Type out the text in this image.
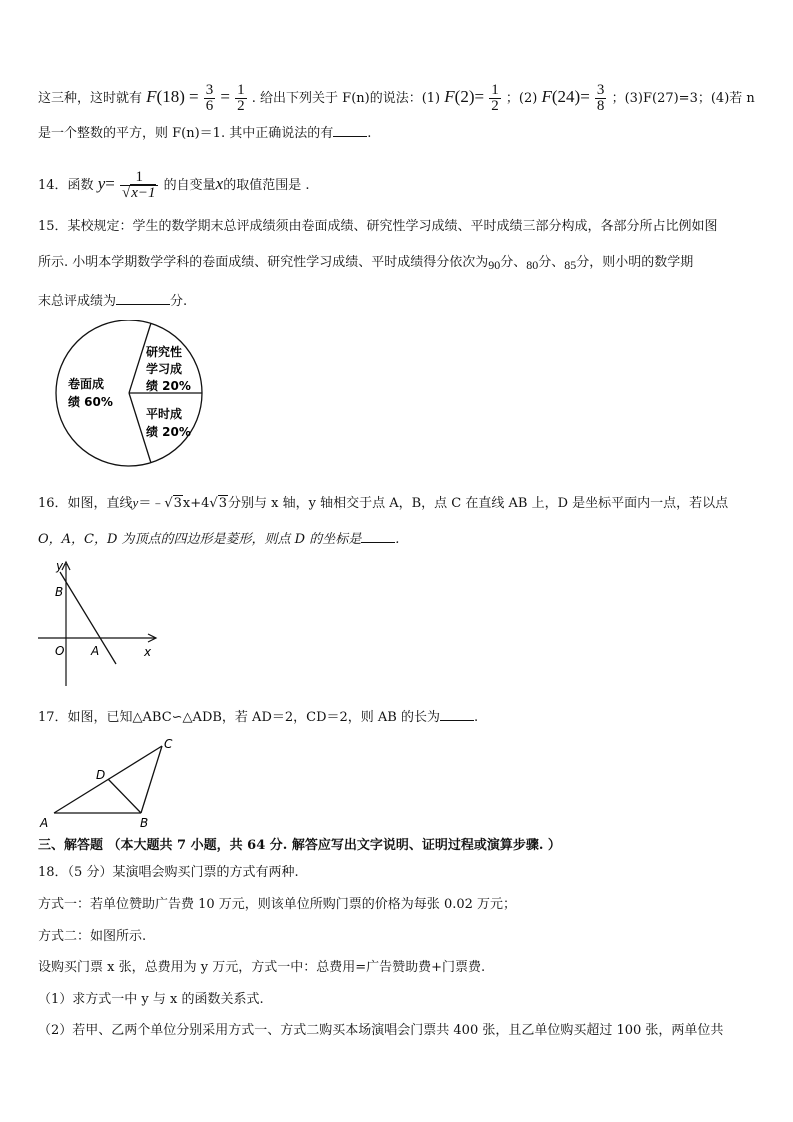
这三种，这时就有 $F(18) = \frac{3}{6} = \frac{1}{2}$ . 给出下列关于 F(n)的说法：(1) $F(2)= \frac{1}{2}$ ；(2) $F(24)= \frac{3}{8}$ ；(3)F(27)=3；(4)若 n
是一个整数的平方，则 F(n)＝1. 其中正确说法的有	.
14．函数 $y= \frac{1}{√x-1}$ 的自变量x的取值范围是 .
15．某校规定：学生的数学期末总评成绩须由卷面成绩、研究性学习成绩、平时成绩三部分构成，各部分所占比例如图
所示. 小明本学期数学学科的卷面成绩、研究性学习成绩、平时成绩得分依次为90分、80分、85分，则小明的数学期
末总评成绩为	分.
卷面成
绩 60%
研究性
学习成
绩 20%
平时成
绩 20%
16．如图，直线y＝﹣√3x+4√3分别与 x 轴，y 轴相交于点 A，B，点 C 在直线 AB 上，D 是坐标平面内一点，若以点
O，A，C，D 为顶点的四边形是菱形，则点 D 的坐标是	.
y
B
O A	x
17．如图，已知△ABC∽△ADB，若 AD＝2，CD＝2，则 AB 的长为	.
C
D
A	B
三、解答题 （本大题共 7 小题，共 64 分. 解答应写出文字说明、证明过程或演算步骤. ）
18．（5 分）某演唱会购买门票的方式有两种.
方式一：若单位赞助广告费 10 万元，则该单位所购门票的价格为每张 0.02 万元；
方式二：如图所示.
设购买门票 x 张，总费用为 y 万元，方式一中：总费用=广告赞助费+门票费.
（1）求方式一中 y 与 x 的函数关系式.
（2）若甲、乙两个单位分别采用方式一、方式二购买本场演唱会门票共 400 张，且乙单位购买超过 100 张，两单位共
